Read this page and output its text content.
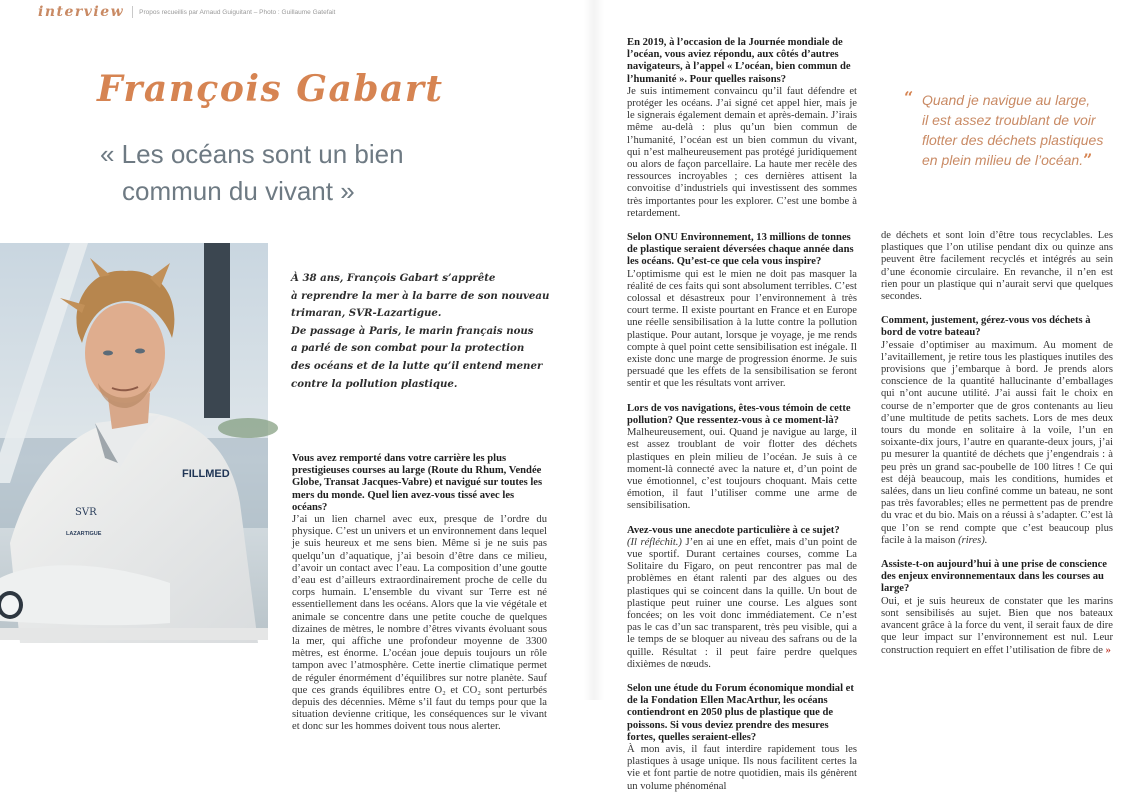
interview Propos recueillis par Arnaud Guiguitant – Photo : Guillaume Gatefait
François Gabart
« Les océans sont un bien
commun du vivant »
FILLMED
SVR
LAZARTIGUE

À 38 ans, François Gabart s’apprête

à reprendre la mer à la barre de son nouveau

trimaran, SVR-Lazartigue.

De passage à Paris, le marin français nous

a parlé de son combat pour la protection

des océans et de la lutte qu’il entend mener

contre la pollution plastique.

Vous avez remporté dans votre carrière les plus prestigieuses courses au large (Route du Rhum, Vendée Globe, Transat Jacques-Vabre) et navigué sur toutes les mers du monde. Quel lien avez-vous tissé avec les océans?

J’ai un lien charnel avec eux, presque de l’ordre du physique. C’est un univers et un environnement dans lequel je suis heureux et me sens bien. Même si je ne suis pas quelqu’un d’aquatique, j’ai besoin d’être dans ce milieu, d’avoir un contact avec l’eau. La composition d’une goutte d’eau est d’ailleurs extraordinairement proche de celle du corps humain. L’ensemble du vivant sur Terre est né essentiellement dans les océans. Alors que la vie végétale et animale se concentre dans une petite couche de quelques dizaines de mètres, le nombre d’êtres vivants évoluant sous la mer, qui affiche une profondeur moyenne de 3300 mètres, est énorme. L’océan joue depuis toujours un rôle tampon avec l’atmosphère. Cette inertie climatique permet de réguler énormément d’équilibres sur notre planète. Sauf que ces grands équilibres entre O₂ et CO₂ sont perturbés depuis des décennies. Même s’il faut du temps pour que la situation devienne critique, les conséquences sur le vivant et donc sur les hommes doivent tous nous alerter.

En 2019, à l’occasion de la Journée mondiale de l’océan, vous aviez répondu, aux côtés d’autres navigateurs, à l’appel « L’océan, bien commun de l’humanité ». Pour quelles raisons?

Je suis intimement convaincu qu’il faut défendre et protéger les océans. J’ai signé cet appel hier, mais je le signerais également demain et après-demain. J’irais même au-delà : plus qu’un bien commun de l’humanité, l’océan est un bien commun du vivant, qui n’est malheureusement pas protégé juridiquement ou alors de façon parcellaire. La haute mer recèle des ressources incroyables ; ces dernières attisent la convoitise d’industriels qui investissent des sommes très importantes pour les explorer. C’est une bombe à retardement.

Selon ONU Environnement, 13 millions de tonnes de plastique seraient déversées chaque année dans les océans. Qu’est-ce que cela vous inspire?

L’optimisme qui est le mien ne doit pas masquer la réalité de ces faits qui sont absolument terribles. C’est colossal et désastreux pour l’environnement à très court terme. Il existe pourtant en France et en Europe une réelle sensibilisation à la lutte contre la pollution plastique. Pour autant, lorsque je voyage, je me rends compte à quel point cette sensibilisation est inégale. Il existe donc une marge de progression énorme. Je suis persuadé que les effets de la sensibilisation se feront sentir et que les résultats vont arriver.

Lors de vos navigations, êtes-vous témoin de cette pollution? Que ressentez-vous à ce moment-là?

Malheureusement, oui. Quand je navigue au large, il est assez troublant de voir flotter des déchets plastiques en plein milieu de l’océan. Je suis à ce moment-là connecté avec la nature et, d’un point de vue émotionnel, c’est toujours choquant. Mais cette émotion, il faut l’utiliser comme une arme de sensibilisation.

Avez-vous une anecdote particulière à ce sujet?

(Il réfléchit.) J’en ai une en effet, mais d’un point de vue sportif. Durant certaines courses, comme La Solitaire du Figaro, on peut rencontrer pas mal de problèmes en étant ralenti par des algues ou des plastiques qui se coincent dans la quille. Un bout de plastique peut ruiner une course. Les algues sont foncées; on les voit donc immédiatement. Ce n’est pas le cas d’un sac transparent, très peu visible, qui a le temps de se bloquer au niveau des safrans ou de la quille. Résultat : il peut faire perdre quelques dixièmes de nœuds.

Selon une étude du Forum économique mondial et de la Fondation Ellen MacArthur, les océans contiendront en 2050 plus de plastique que de poissons. Si vous deviez prendre des mesures fortes, quelles seraient-elles?

À mon avis, il faut interdire rapidement tous les plastiques à usage unique. Ils nous facilitent certes la vie et font partie de notre quotidien, mais ils génèrent un volume phénoménal

“ Quand je navigue au large,
il est assez troublant de voir
flotter des déchets plastiques
en plein milieu de l’océan.”

de déchets et sont loin d’être tous recyclables. Les plastiques que l’on utilise pendant dix ou quinze ans peuvent être facilement recyclés et intégrés au sein d’une économie circulaire. En revanche, il n’en est rien pour un plastique qui n’aurait servi que quelques secondes.

Comment, justement, gérez-vous vos déchets à bord de votre bateau?

J’essaie d’optimiser au maximum. Au moment de l’avitaillement, je retire tous les plastiques inutiles des provisions que j’embarque à bord. Je prends alors conscience de la quantité hallucinante d’emballages qui n’ont aucune utilité. J’ai aussi fait le choix en course de n’emporter que de gros contenants au lieu d’une multitude de petits sachets. Lors de mes deux tours du monde en solitaire à la voile, l’un en soixante-dix jours, l’autre en quarante-deux jours, j’ai pu mesurer la quantité de déchets que j’engendrais : à peu près un grand sac-poubelle de 100 litres ! Ce qui est déjà beaucoup, mais les conditions, humides et salées, dans un lieu confiné comme un bateau, ne sont pas très favorables; elles ne permettent pas de prendre du vrac et du bio. Mais on a réussi à s’adapter. C’est là que l’on se rend compte que c’est beaucoup plus facile à la maison (rires).

Assiste-t-on aujourd’hui à une prise de conscience des enjeux environnementaux dans les courses au large?

Oui, et je suis heureux de constater que les marins sont sensibilisés au sujet. Bien que nos bateaux avancent grâce à la force du vent, il serait faux de dire que leur impact sur l’environnement est nul. Leur construction requiert en effet l’utilisation de fibre de »
